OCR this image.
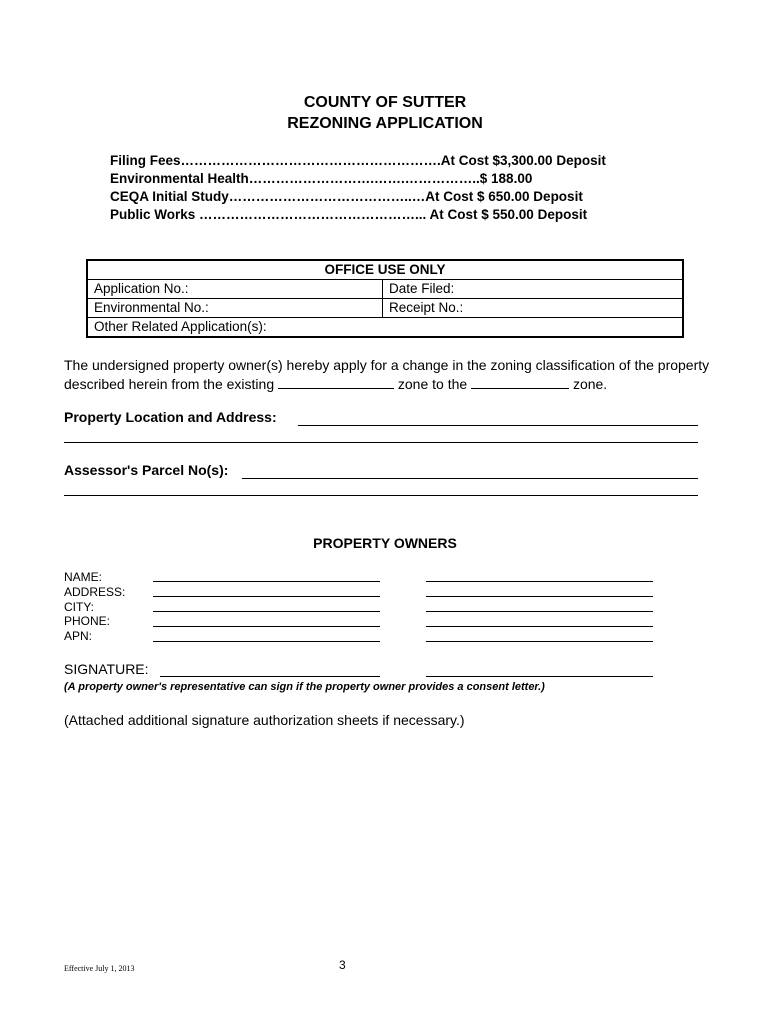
COUNTY OF SUTTER
REZONING APPLICATION
Filing Fees………………………………………………….At Cost $3,300.00 Deposit
Environmental Health……………………….…….……………..$ 188.00
CEQA Initial Study…………………………………..…At Cost $ 650.00 Deposit
Public Works …………………………………………... At Cost $ 550.00 Deposit
OFFICE USE ONLY	
Application No.:	Date Filed:
Environmental No.:	Receipt No.:
Other Related Application(s):	
The undersigned property owner(s) hereby apply for a change in the zoning classification of the property described herein from the existing	zone to the	zone.
Property Location and Address:
Assessor's Parcel No(s):
PROPERTY OWNERS
NAME:
ADDRESS:
CITY:
PHONE:
APN:
SIGNATURE:
(A property owner's representative can sign if the property owner provides a consent letter.)
(Attached additional signature authorization sheets if necessary.)
Effective July 1, 2013	3
